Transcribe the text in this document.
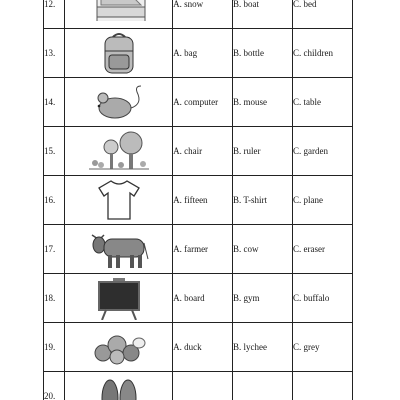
12.		A. snow	B. boat	C. bed
13.		A. bag	B. bottle	C. children
14.		A. computer	B. mouse	C. table
15.		A. chair	B. ruler	C. garden
16.		A. fifteen	B. T-shirt	C. plane
17.		A. farmer	B. cow	C. eraser
18.		A. board	B. gym	C. buffalo
19.		A. duck	B. lychee	C. grey
20.	
